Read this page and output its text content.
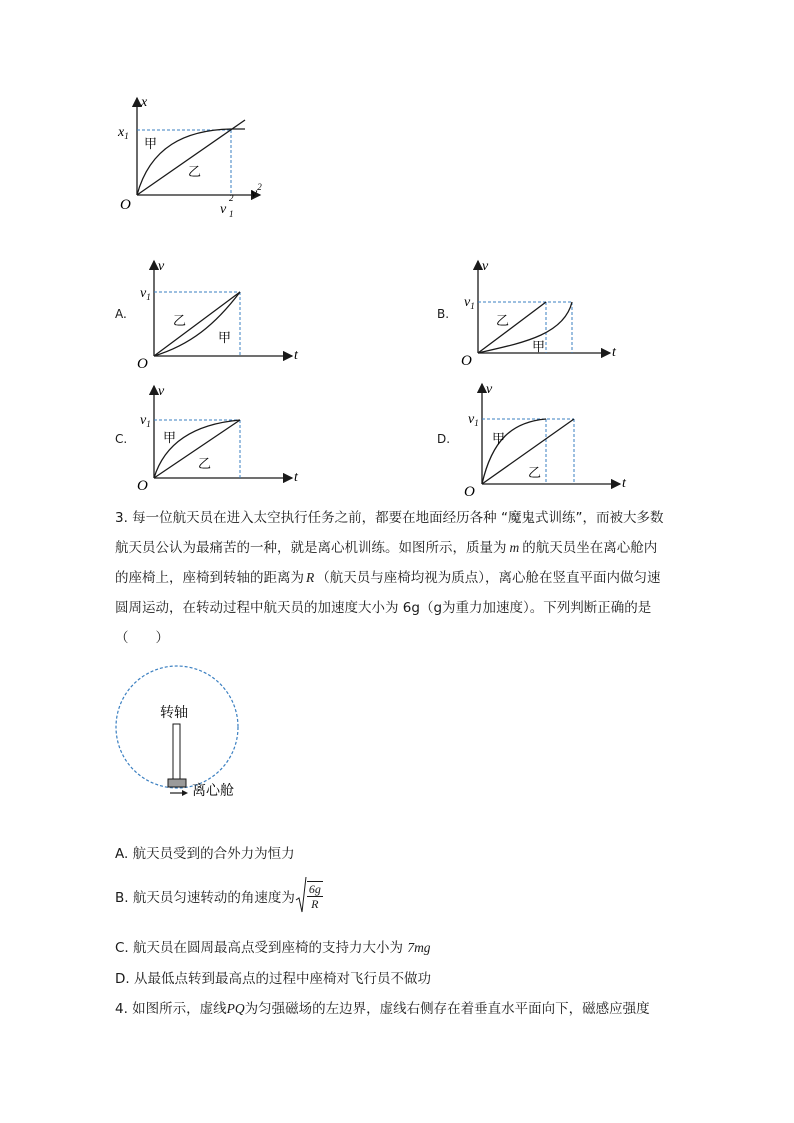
x
$x_1$
O
甲
乙
v
2
1
$v^2$
A.
v
t
$v_1$
O
乙
甲
B.
v
t
$v_1$
O
乙
甲
C.
v
t
$v_1$
O
甲
乙
D.
v
t
$v_1$
O
甲
乙
3. 每一位航天员在进入太空执行任务之前，都要在地面经历各种 “魔鬼式训练”，而被大多数
航天员公认为最痛苦的一种，就是离心机训练。如图所示，质量为 m 的航天员坐在离心舱内
的座椅上，座椅到转轴的距离为 R （航天员与座椅均视为质点），离心舱在竖直平面内做匀速
圆周运动，在转动过程中航天员的加速度大小为 6g（g为重力加速度）。下列判断正确的是
（　　）
转轴
离心舱
A. 航天员受到的合外力为恒力
B. 航天员匀速转动的角速度为 $\frac{6g}{R}$
C. 航天员在圆周最高点受到座椅的支持力大小为 7mg
D. 从最低点转到最高点的过程中座椅对飞行员不做功
4. 如图所示，虚线PQ为匀强磁场的左边界，虚线右侧存在着垂直水平面向下，磁感应强度
